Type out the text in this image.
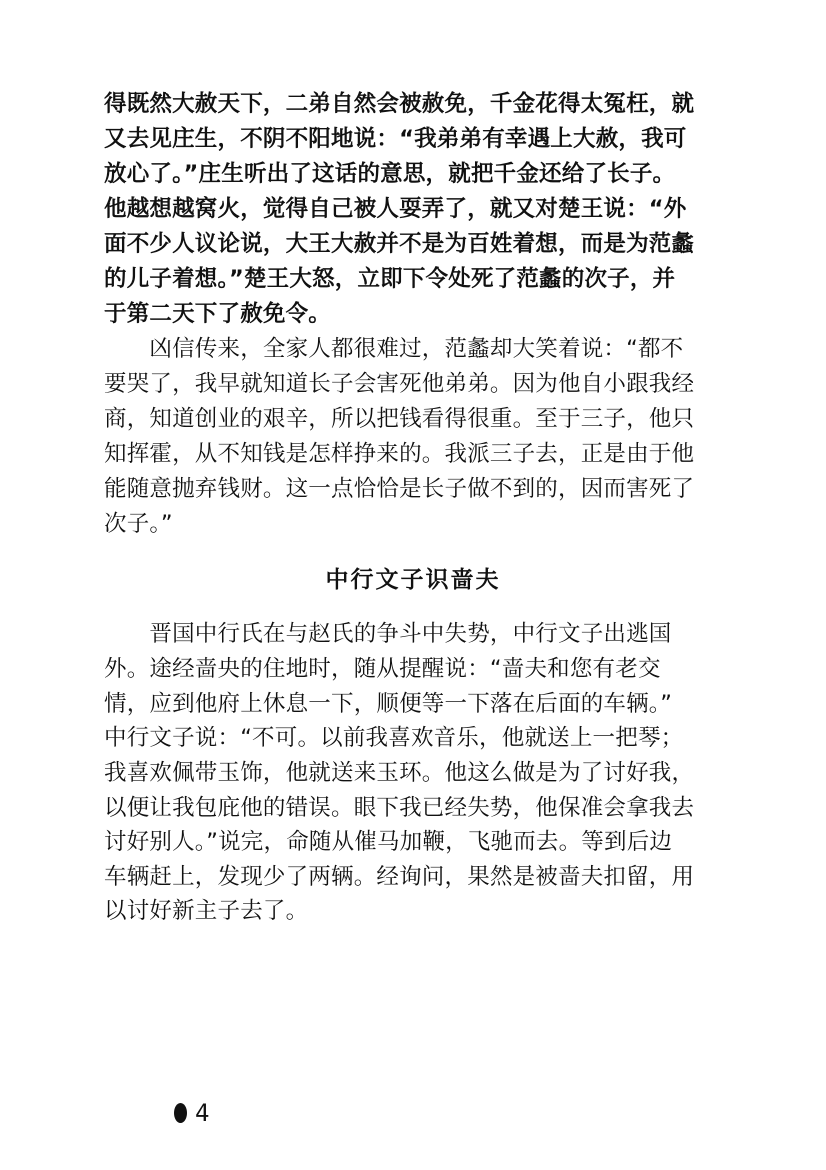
得既然大赦天下，二弟自然会被赦免，千金花得太冤枉，就
又去见庄生，不阴不阳地说：“我弟弟有幸遇上大赦，我可
放心了。”庄生听出了这话的意思，就把千金还给了长子。
他越想越窝火，觉得自己被人耍弄了，就又对楚王说：“外
面不少人议论说，大王大赦并不是为百姓着想，而是为范蠡
的儿子着想。”楚王大怒，立即下令处死了范蠡的次子，并
于第二天下了赦免令。
　　凶信传来，全家人都很难过，范蠡却大笑着说：“都不
要哭了，我早就知道长子会害死他弟弟。因为他自小跟我经
商，知道创业的艰辛，所以把钱看得很重。至于三子，他只
知挥霍，从不知钱是怎样挣来的。我派三子去，正是由于他
能随意抛弃钱财。这一点恰恰是长子做不到的，因而害死了
次子。”
中行文子识啬夫
　　晋国中行氏在与赵氏的争斗中失势，中行文子出逃国
外。途经啬央的住地时，随从提醒说：“啬夫和您有老交
情，应到他府上休息一下，顺便等一下落在后面的车辆。”
中行文子说：“不可。以前我喜欢音乐，他就送上一把琴；
我喜欢佩带玉饰，他就送来玉环。他这么做是为了讨好我，
以便让我包庇他的错误。眼下我已经失势，他保准会拿我去
讨好别人。”说完，命随从催马加鞭，飞驰而去。等到后边
车辆赶上，发现少了两辆。经询问，果然是被啬夫扣留，用
以讨好新主子去了。
4
